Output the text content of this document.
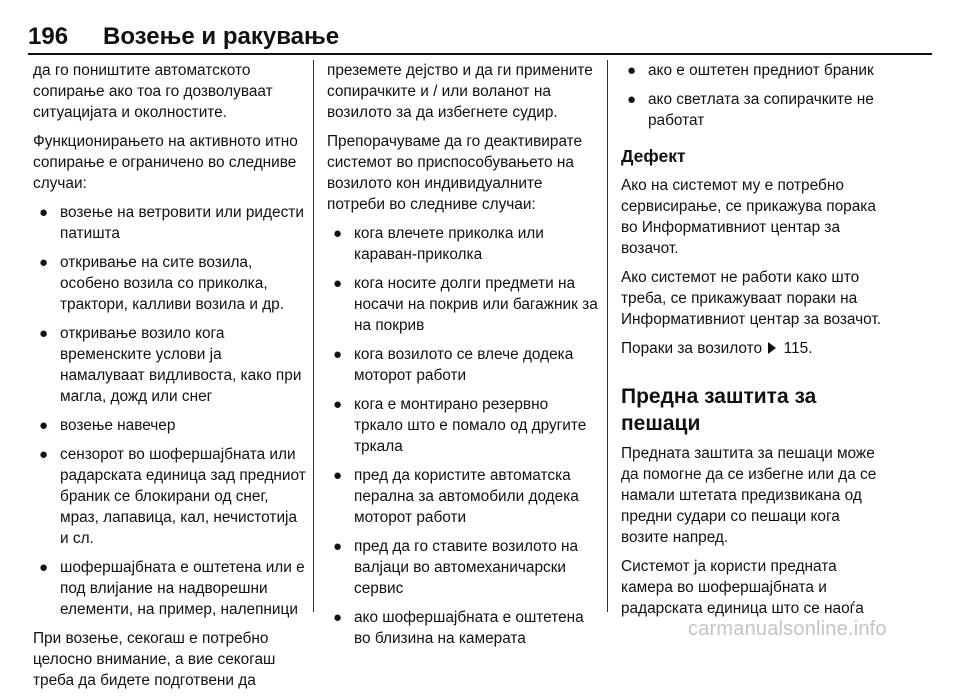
196 Возење и ракување

да го поништите автоматското сопирање ако тоа го дозволуваат ситуацијата и околностите.

Функционирањето на активното итно сопирање е ограничено во следниве случаи:

● возење на ветровити или ридести патишта
● откривање на сите возила, особено возила со приколка, трактори, калливи возила и др.
● откривање возило кога временските услови ја намалуваат видливоста, како при магла, дожд или снег
● возење навечер
● сензорот во шофершајбната или радарската единица зад предниот браник се блокирани од снег, мраз, лапавица, кал, нечистотија и сл.
● шофершајбната е оштетена или е под влијание на надворешни елементи, на пример, налепници

При возење, секогаш е потребно целосно внимание, а вие секогаш треба да бидете подготвени да

преземете дејство и да ги примените сопирачките и / или воланот на возилото за да избегнете судир.

Препорачуваме да го деактивирате системот во приспособувањето на возилото кон индивидуалните потреби во следниве случаи:

● кога влечете приколка или караван-приколка
● кога носите долги предмети на носачи на покрив или багажник за на покрив
● кога возилото се влече додека моторот работи
● кога е монтирано резервно тркало што е помало од другите тркала
● пред да користите автоматска перална за автомобили додека моторот работи
● пред да го ставите возилото на валјаци во автомеханичарски сервис
● ако шофершајбната е оштетена во близина на камерата
● ако е оштетен предниот браник
● ако светлата за сопирачките не работат
Дефект

Ако на системот му е потребно сервисирање, се прикажува порака во Информативниот центар за возачот.

Ако системот не работи како што треба, се прикажуваат пораки на Информативниот центар за возачот.

Пораки за возилото 115.

Предна заштита за пешаци

Предната заштита за пешаци може да помогне да се избегне или да се намали штетата предизвикана од предни судари со пешаци кога возите напред.

Системот ја користи предната камера во шофершајбната и радарската единица што се наоѓа

carmanualsonline.info
